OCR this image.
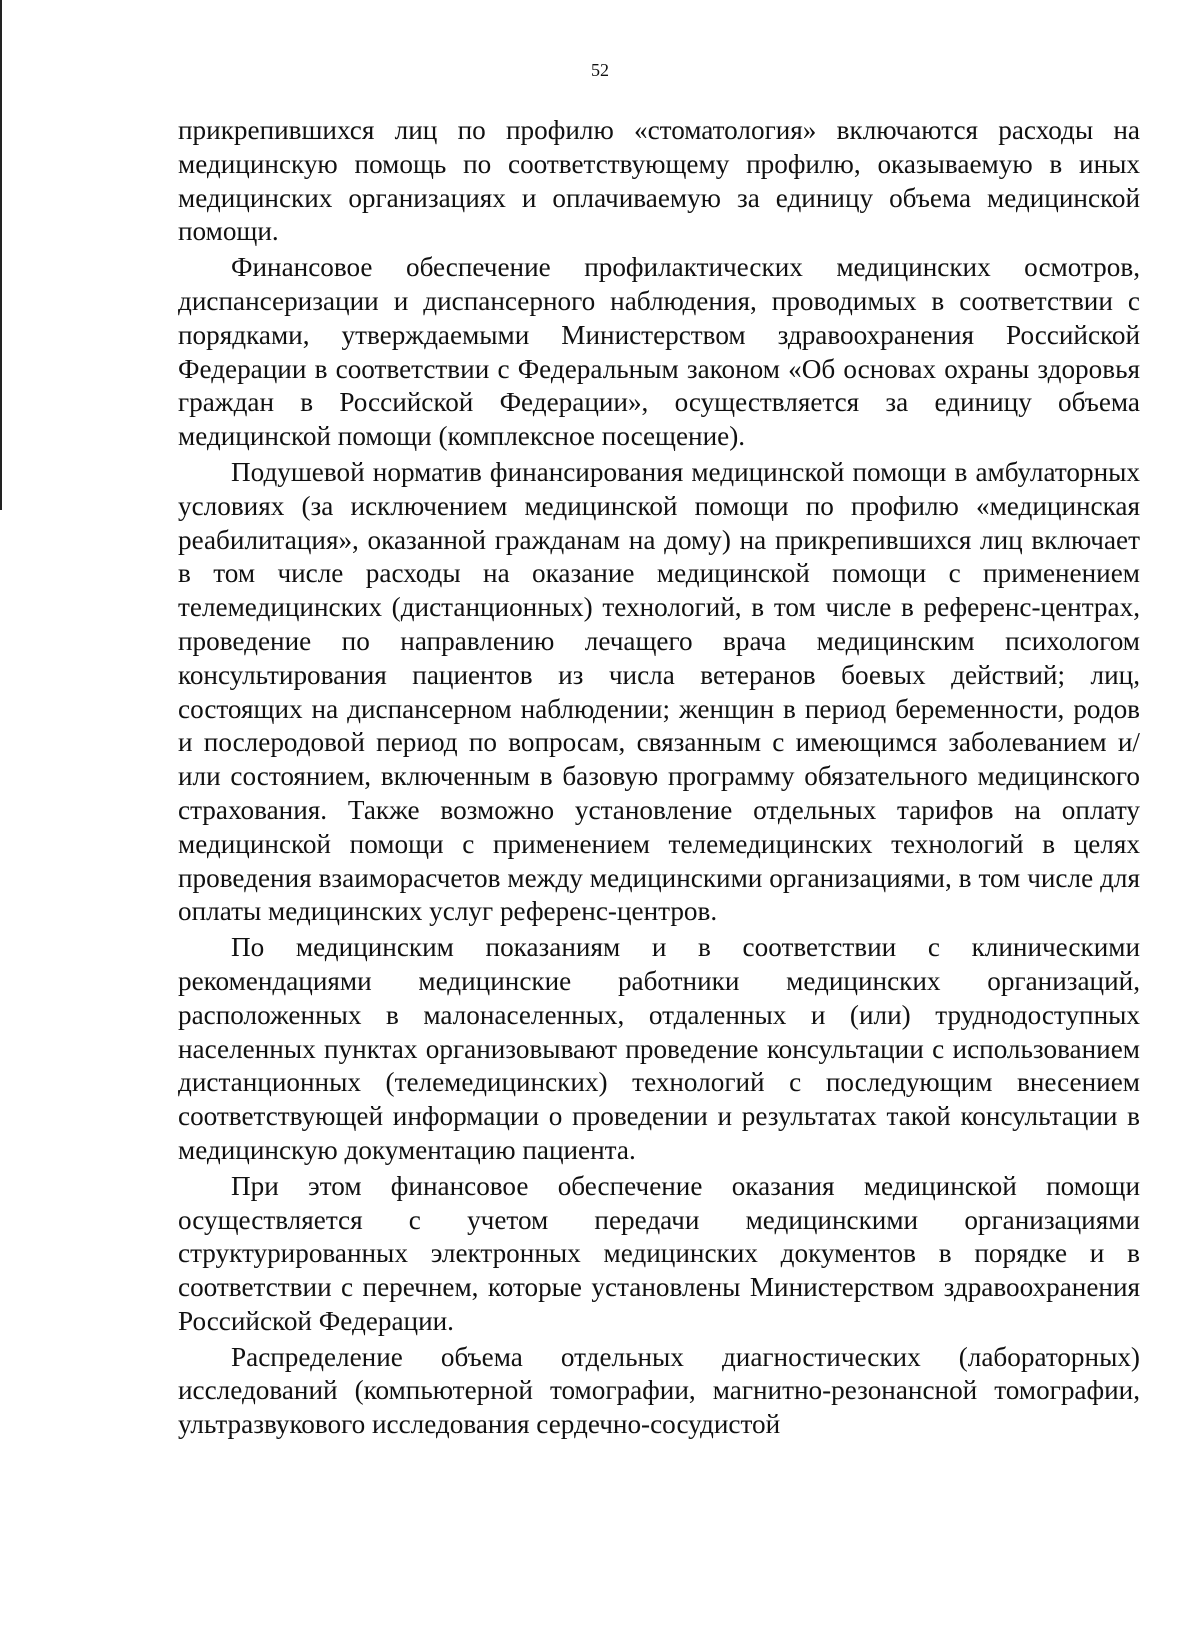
52

прикрепившихся лиц по профилю «стоматология» включаются расходы на медицинскую помощь по соответствующему профилю, оказываемую в иных медицинских организациях и оплачиваемую за единицу объема медицинской помощи.

Финансовое обеспечение профилактических медицинских осмотров, диспансеризации и диспансерного наблюдения, проводимых в соответствии с порядками, утверждаемыми Министерством здравоохранения Российской Федерации в соответствии с Федеральным законом «Об основах охраны здоровья граждан в Российской Федерации», осуществляется за единицу объема медицинской помощи (комплексное посещение).

Подушевой норматив финансирования медицинской помощи в амбулаторных условиях (за исключением медицинской помощи по профилю «медицинская реабилитация», оказанной гражданам на дому) на прикрепившихся лиц включает в том числе расходы на оказание медицинской помощи с применением телемедицинских (дистанционных) технологий, в том числе в референс-центрах, проведение по направлению лечащего врача медицинским психологом консультирования пациентов из числа ветеранов боевых действий; лиц, состоящих на диспансерном наблюдении; женщин в период беременности, родов и послеродовой период по вопросам, связанным с имеющимся заболеванием и/или состоянием, включенным в базовую программу обязательного медицинского страхования. Также возможно установление отдельных тарифов на оплату медицинской помощи с применением телемедицинских технологий в целях проведения взаиморасчетов между медицинскими организациями, в том числе для оплаты медицинских услуг референс-центров.

По медицинским показаниям и в соответствии с клиническими рекомендациями медицинские работники медицинских организаций, расположенных в малонаселенных, отдаленных и (или) труднодоступных населенных пунктах организовывают проведение консультации с использованием дистанционных (телемедицинских) технологий с последующим внесением соответствующей информации о проведении и результатах такой консультации в медицинскую документацию пациента.

При этом финансовое обеспечение оказания медицинской помощи осуществляется с учетом передачи медицинскими организациями структурированных электронных медицинских документов в порядке и в соответствии с перечнем, которые установлены Министерством здравоохранения Российской Федерации.

Распределение объема отдельных диагностических (лабораторных) исследований (компьютерной томографии, магнитно-резонансной томографии, ультразвукового исследования сердечно-сосудистой
